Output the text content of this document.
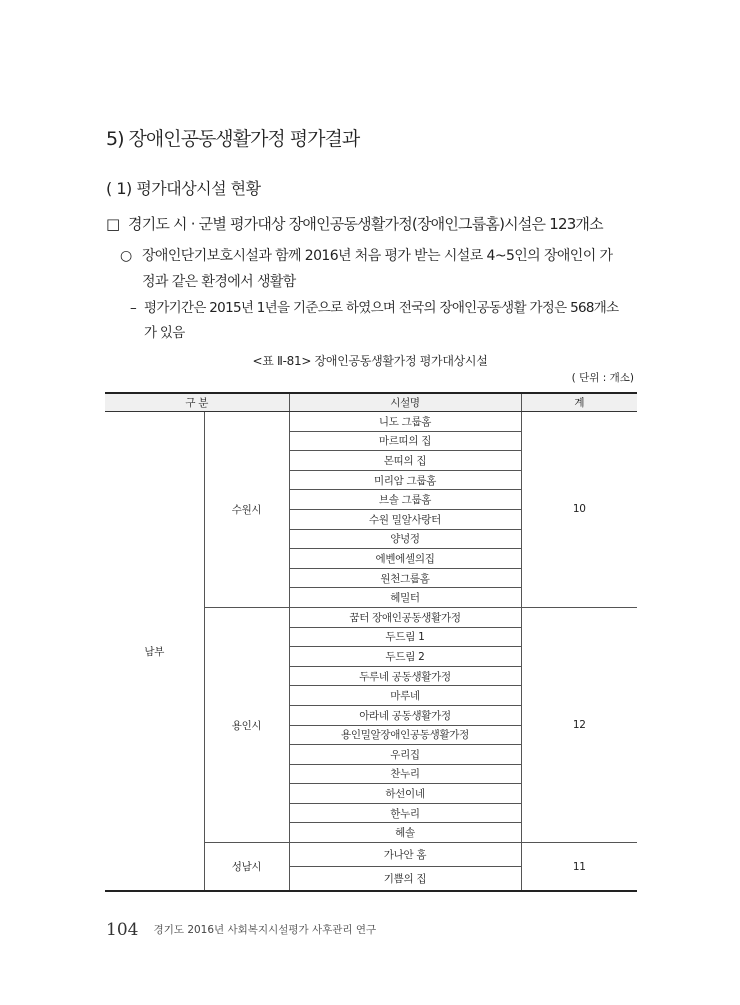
5) 장애인공동생활가정 평가결과
( 1) 평가대상시설 현황
□ 경기도 시 · 군별 평가대상 장애인공동생활가정(장애인그룹홈)시설은 123개소
○ 장애인단기보호시설과 함께 2016년 처음 평가 받는 시설로 4~5인의 장애인이 가
정과 같은 환경에서 생활함
– 평가기간은 2015년 1년을 기준으로 하였으며 전국의 장애인공동생활 가정은 568개소
가 있음
<표 Ⅱ-81> 장애인공동생활가정 평가대상시설
( 단위 : 개소)
구 분		시설명	계
남부	수원시	니도 그룹홈	10
		마르띠의 집	
		몬띠의 집	
		미리암 그룹홈	
		브솔 그룹홈	
		수원 밀알사랑터	
		양녕정	
		에벤에셀의집	
		원천그룹홈	
		헤밀터	
	용인시	꿈터 장애인공동생활가정	12
		두드림 1	
		두드림 2	
		두루네 공동생활가정	
		마루네	
		아라네 공동생활가정	
		용인밀알장애인공동생활가정	
		우리집	
		찬누리	
		하선이네	
		한누리	
		헤솔	
	성남시	가나안 홈	11
		기쁨의 집	
104 경기도 2016년 사회복지시설평가 사후관리 연구
